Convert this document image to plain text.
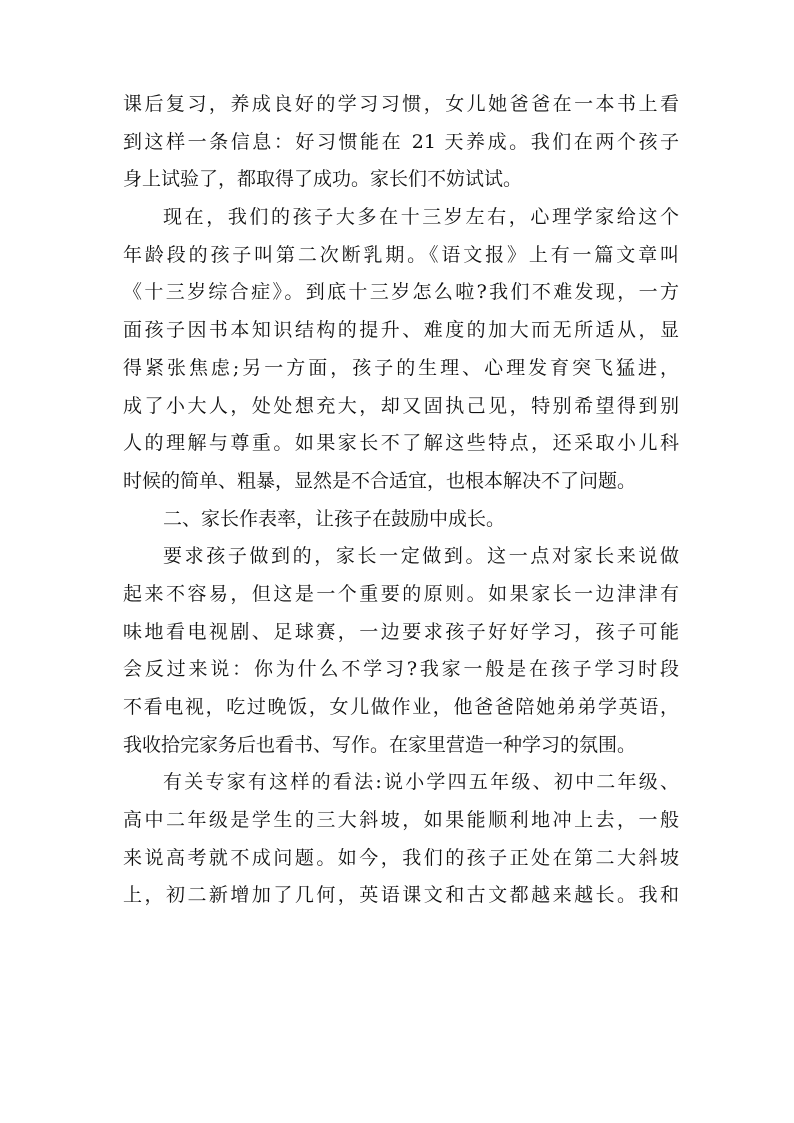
课后复习，养成良好的学习习惯，女儿她爸爸在一本书上看
到这样一条信息：好习惯能在 21 天养成。我们在两个孩子
身上试验了，都取得了成功。家长们不妨试试。
现在，我们的孩子大多在十三岁左右，心理学家给这个
年龄段的孩子叫第二次断乳期。《语文报》上有一篇文章叫
《十三岁综合症》。到底十三岁怎么啦?我们不难发现，一方
面孩子因书本知识结构的提升、难度的加大而无所适从，显
得紧张焦虑;另一方面，孩子的生理、心理发育突飞猛进，
成了小大人，处处想充大，却又固执己见，特别希望得到别
人的理解与尊重。如果家长不了解这些特点，还采取小儿科
时候的简单、粗暴，显然是不合适宜，也根本解决不了问题。
二、家长作表率，让孩子在鼓励中成长。
要求孩子做到的，家长一定做到。这一点对家长来说做
起来不容易，但这是一个重要的原则。如果家长一边津津有
味地看电视剧、足球赛，一边要求孩子好好学习，孩子可能
会反过来说：你为什么不学习?我家一般是在孩子学习时段
不看电视，吃过晚饭，女儿做作业，他爸爸陪她弟弟学英语，
我收拾完家务后也看书、写作。在家里营造一种学习的氛围。
有关专家有这样的看法:说小学四五年级、初中二年级、
高中二年级是学生的三大斜坡，如果能顺利地冲上去，一般
来说高考就不成问题。如今，我们的孩子正处在第二大斜坡
上，初二新增加了几何，英语课文和古文都越来越长。我和
